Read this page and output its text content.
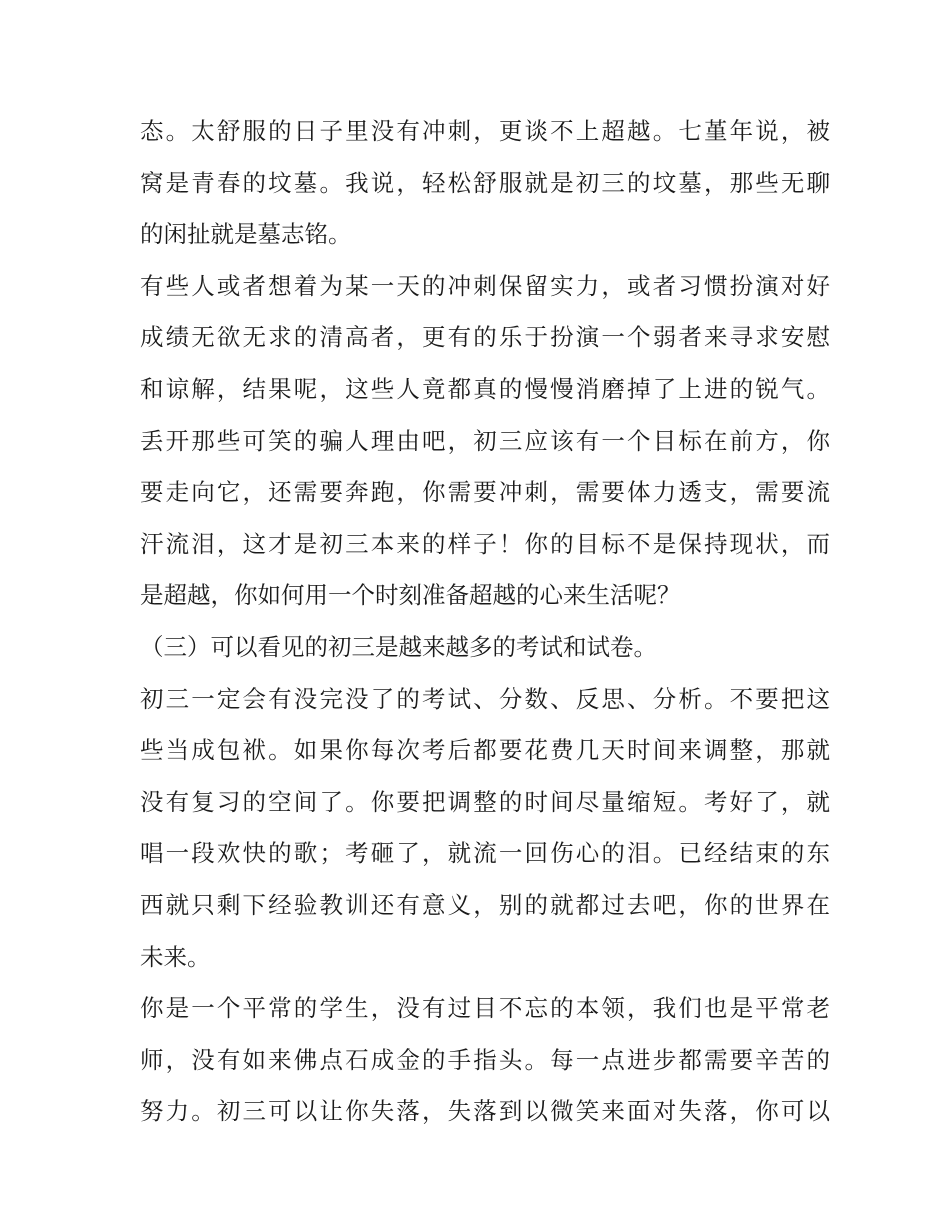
态。太舒服的日子里没有冲刺，更谈不上超越。七堇年说，被
窝是青春的坟墓。我说，轻松舒服就是初三的坟墓，那些无聊
的闲扯就是墓志铭。
有些人或者想着为某一天的冲刺保留实力，或者习惯扮演对好
成绩无欲无求的清高者，更有的乐于扮演一个弱者来寻求安慰
和谅解，结果呢，这些人竟都真的慢慢消磨掉了上进的锐气。
丢开那些可笑的骗人理由吧，初三应该有一个目标在前方，你
要走向它，还需要奔跑，你需要冲刺，需要体力透支，需要流
汗流泪，这才是初三本来的样子！你的目标不是保持现状，而
是超越，你如何用一个时刻准备超越的心来生活呢？
（三）可以看见的初三是越来越多的考试和试卷。
初三一定会有没完没了的考试、分数、反思、分析。不要把这
些当成包袱。如果你每次考后都要花费几天时间来调整，那就
没有复习的空间了。你要把调整的时间尽量缩短。考好了，就
唱一段欢快的歌；考砸了，就流一回伤心的泪。已经结束的东
西就只剩下经验教训还有意义，别的就都过去吧，你的世界在
未来。
你是一个平常的学生，没有过目不忘的本领，我们也是平常老
师，没有如来佛点石成金的手指头。每一点进步都需要辛苦的
努力。初三可以让你失落，失落到以微笑来面对失落，你可以
